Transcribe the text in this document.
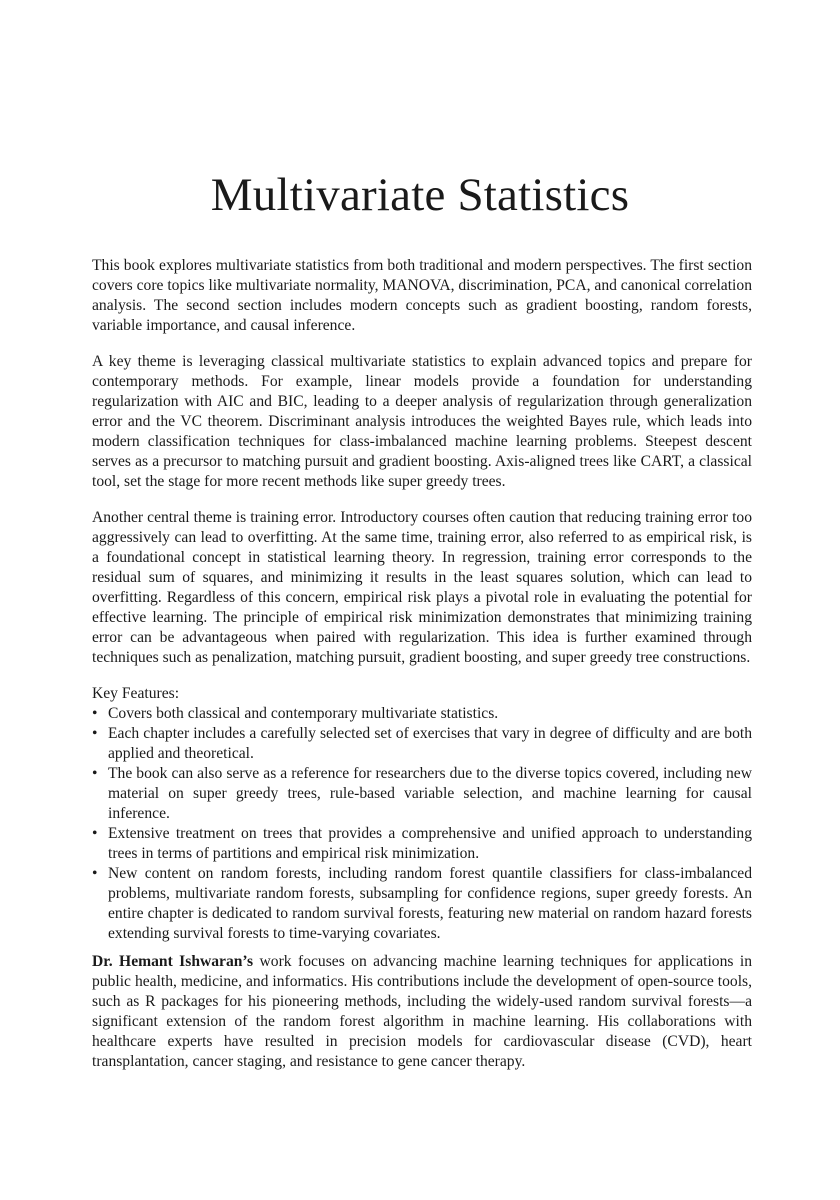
Multivariate Statistics

This book explores multivariate statistics from both traditional and modern perspectives. The first section covers core topics like multivariate normality, MANOVA, discrimination, PCA, and canonical correlation analysis. The second section includes modern concepts such as gradient boosting, random forests, variable importance, and causal inference.

A key theme is leveraging classical multivariate statistics to explain advanced topics and prepare for contemporary methods. For example, linear models provide a foundation for understanding regularization with AIC and BIC, leading to a deeper analysis of regularization through generalization error and the VC theorem. Discriminant analysis introduces the weighted Bayes rule, which leads into modern classification techniques for class-imbalanced machine learning problems. Steepest descent serves as a precursor to matching pursuit and gradient boosting. Axis-aligned trees like CART, a classical tool, set the stage for more recent methods like super greedy trees.

Another central theme is training error. Introductory courses often caution that reducing training error too aggressively can lead to overfitting. At the same time, training error, also referred to as empirical risk, is a foundational concept in statistical learning theory. In regression, training error corresponds to the residual sum of squares, and minimizing it results in the least squares solution, which can lead to overfitting. Regardless of this concern, empirical risk plays a pivotal role in evaluating the potential for effective learning. The principle of empirical risk minimization demonstrates that minimizing training error can be advantageous when paired with regularization. This idea is further examined through techniques such as penalization, matching pursuit, gradient boosting, and super greedy tree constructions.

Key Features:
• Covers both classical and contemporary multivariate statistics.
• Each chapter includes a carefully selected set of exercises that vary in degree of difficulty and are both applied and theoretical.
• The book can also serve as a reference for researchers due to the diverse topics covered, including new material on super greedy trees, rule-based variable selection, and machine learning for causal inference.
• Extensive treatment on trees that provides a comprehensive and unified approach to understanding trees in terms of partitions and empirical risk minimization.
• New content on random forests, including random forest quantile classifiers for class-imbalanced problems, multivariate random forests, subsampling for confidence regions, super greedy forests. An entire chapter is dedicated to random survival forests, featuring new material on random hazard forests extending survival forests to time-varying covariates.

Dr. Hemant Ishwaran’s work focuses on advancing machine learning techniques for applications in public health, medicine, and informatics. His contributions include the development of open-source tools, such as R packages for his pioneering methods, including the widely-used random survival forests—a significant extension of the random forest algorithm in machine learning. His collaborations with healthcare experts have resulted in precision models for cardiovascular disease (CVD), heart transplantation, cancer staging, and resistance to gene cancer therapy.
